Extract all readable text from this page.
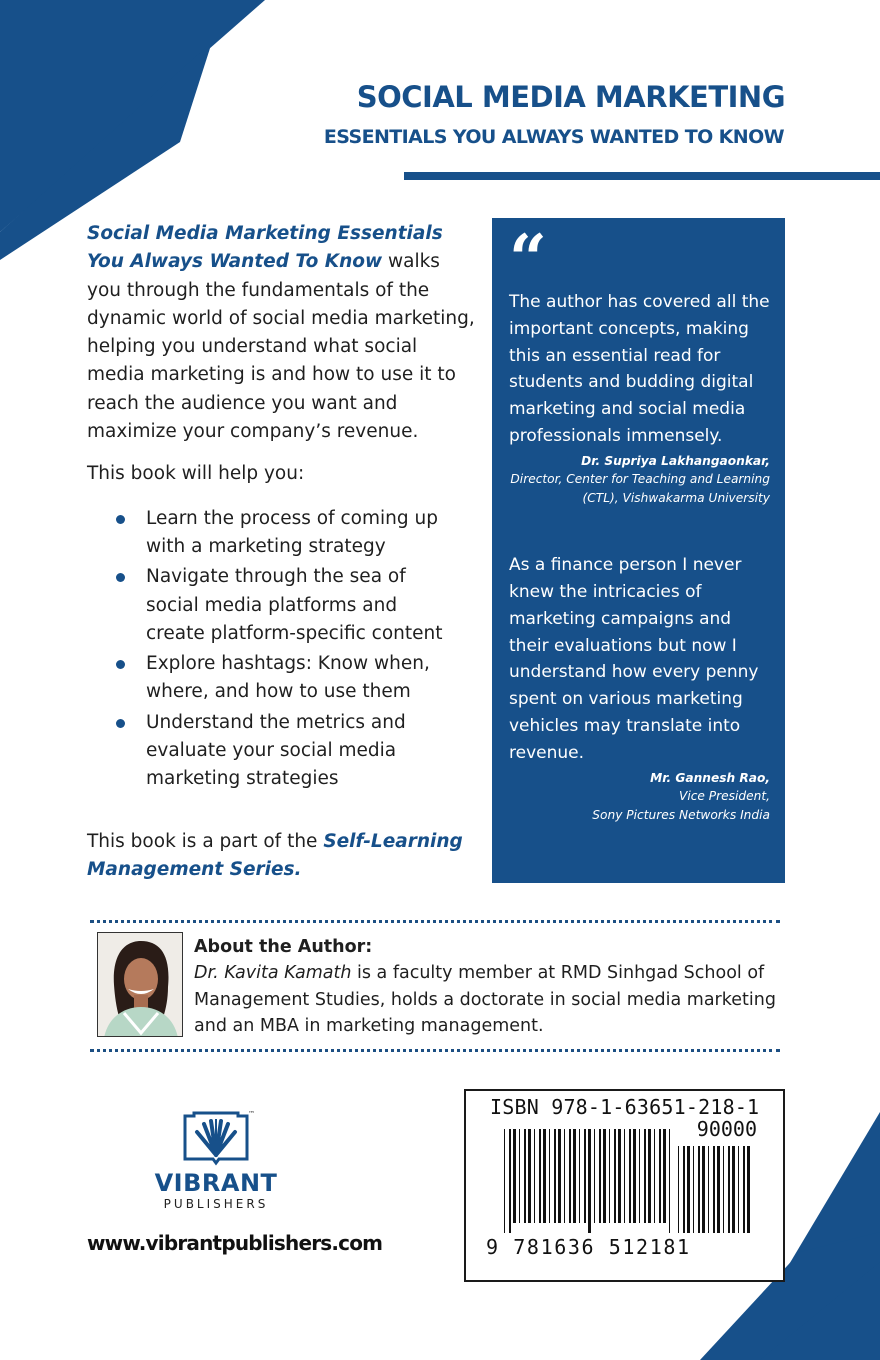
SOCIAL MEDIA MARKETING
ESSENTIALS YOU ALWAYS WANTED TO KNOW

Social Media Marketing Essentials You Always Wanted To Know walks you through the fundamentals of the dynamic world of social media marketing, helping you understand what social media marketing is and how to use it to reach the audience you want and maximize your company’s revenue.

This book will help you:

Learn the process of coming up with a marketing strategy
Navigate through the sea of social media platforms and create platform-specific content
Explore hashtags: Know when, where, and how to use them
Understand the metrics and evaluate your social media marketing strategies

This book is a part of the Self-Learning Management Series.

“

The author has covered all the important concepts, making this an essential read for students and budding digital marketing and social media professionals immensely.

Dr. Supriya Lakhangaonkar,
Director, Center for Teaching and Learning
(CTL), Vishwakarma University

As a finance person I never knew the intricacies of marketing campaigns and their evaluations but now I understand how every penny spent on various marketing vehicles may translate into revenue.

Mr. Gannesh Rao,
Vice President,
Sony Pictures Networks India
About the Author:
Dr. Kavita Kamath is a faculty member at RMD Sinhgad School of Management Studies, holds a doctorate in social media marketing and an MBA in marketing management.
™
VIBRANT
PUBLISHERS
www.vibrantpublishers.com
ISBN 978-1-63651-218-1
90000
9 781636 512181
